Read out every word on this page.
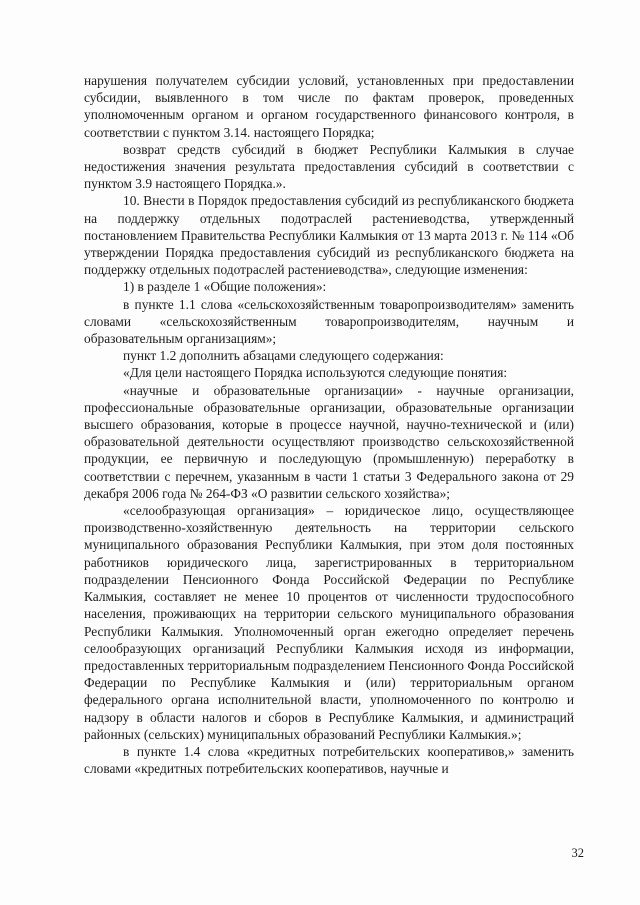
нарушения получателем субсидии условий, установленных при предоставлении субсидии, выявленного в том числе по фактам проверок, проведенных уполномоченным органом и органом государственного финансового контроля, в соответствии с пунктом 3.14. настоящего Порядка;

возврат средств субсидий в бюджет Республики Калмыкия в случае недостижения значения результата предоставления субсидий в соответствии с пунктом 3.9 настоящего Порядка.».

10. Внести в Порядок предоставления субсидий из республиканского бюджета на поддержку отдельных подотраслей растениеводства, утвержденный постановлением Правительства Республики Калмыкия от 13 марта 2013 г. № 114 «Об утверждении Порядка предоставления субсидий из республиканского бюджета на поддержку отдельных подотраслей растениеводства», следующие изменения:

1) в разделе 1 «Общие положения»:

в пункте 1.1 слова «сельскохозяйственным товаропроизводителям» заменить словами «сельскохозяйственным товаропроизводителям, научным и образовательным организациям»;

пункт 1.2 дополнить абзацами следующего содержания:

«Для цели настоящего Порядка используются следующие понятия:

«научные и образовательные организации» - научные организации, профессиональные образовательные организации, образовательные организации высшего образования, которые в процессе научной, научно-технической и (или) образовательной деятельности осуществляют производство сельскохозяйственной продукции, ее первичную и последующую (промышленную) переработку в соответствии с перечнем, указанным в части 1 статьи 3 Федерального закона от 29 декабря 2006 года № 264-ФЗ «О развитии сельского хозяйства»;

«селообразующая организация» – юридическое лицо, осуществляющее производственно-хозяйственную деятельность на территории сельского муниципального образования Республики Калмыкия, при этом доля постоянных работников юридического лица, зарегистрированных в территориальном подразделении Пенсионного Фонда Российской Федерации по Республике Калмыкия, составляет не менее 10 процентов от численности трудоспособного населения, проживающих на территории сельского муниципального образования Республики Калмыкия. Уполномоченный орган ежегодно определяет перечень селообразующих организаций Республики Калмыкия исходя из информации, предоставленных территориальным подразделением Пенсионного Фонда Российской Федерации по Республике Калмыкия и (или) территориальным органом федерального органа исполнительной власти, уполномоченного по контролю и надзору в области налогов и сборов в Республике Калмыкия, и администраций районных (сельских) муниципальных образований Республики Калмыкия.»;

в пункте 1.4 слова «кредитных потребительских кооперативов,» заменить словами «кредитных потребительских кооперативов, научные и

32
